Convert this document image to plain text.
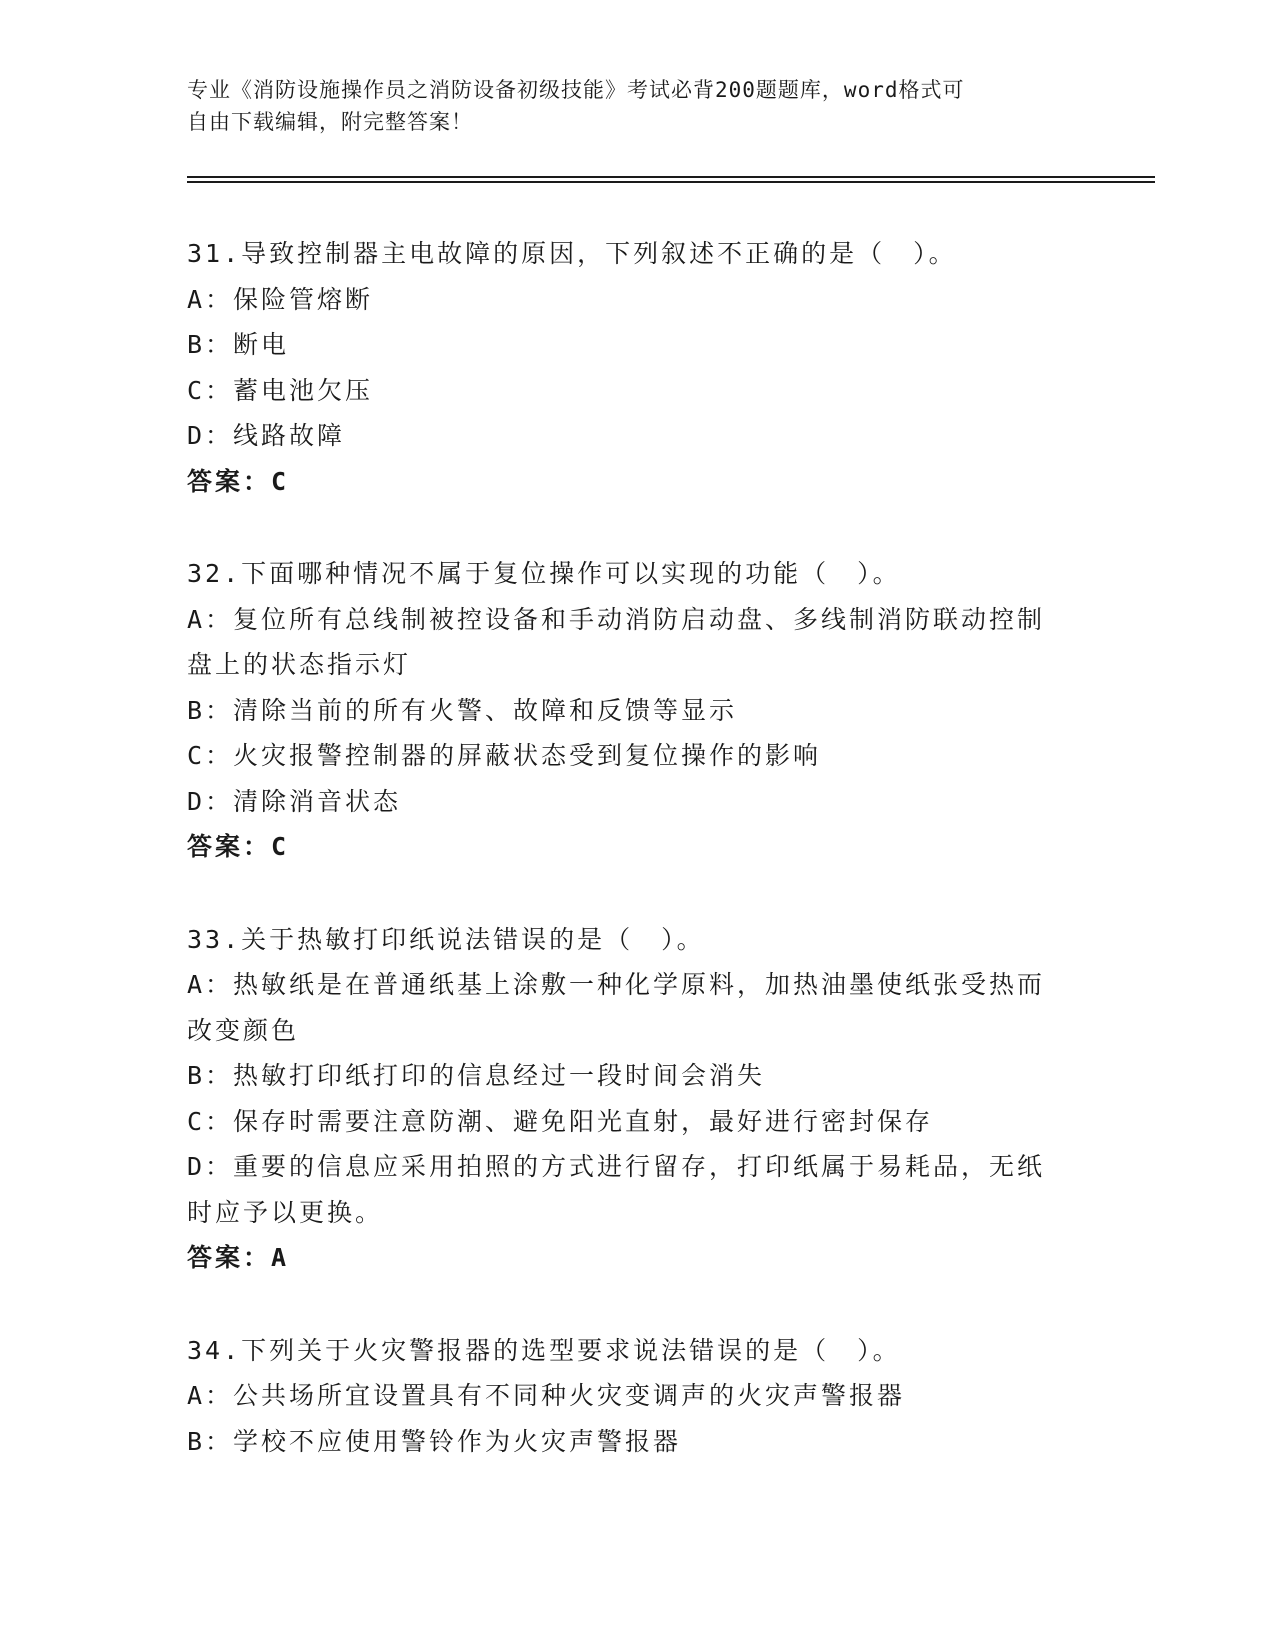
专业《消防设施操作员之消防设备初级技能》考试必背200题题库，word格式可
自由下载编辑，附完整答案！
31.导致控制器主电故障的原因，下列叙述不正确的是（　）。
A：保险管熔断
B：断电
C：蓄电池欠压
D：线路故障
答案：C
32.下面哪种情况不属于复位操作可以实现的功能（　）。
A：复位所有总线制被控设备和手动消防启动盘、多线制消防联动控制
盘上的状态指示灯
B：清除当前的所有火警、故障和反馈等显示
C：火灾报警控制器的屏蔽状态受到复位操作的影响
D：清除消音状态
答案：C
33.关于热敏打印纸说法错误的是（　）。
A：热敏纸是在普通纸基上涂敷一种化学原料，加热油墨使纸张受热而
改变颜色
B：热敏打印纸打印的信息经过一段时间会消失
C：保存时需要注意防潮、避免阳光直射，最好进行密封保存
D：重要的信息应采用拍照的方式进行留存，打印纸属于易耗品，无纸
时应予以更换。
答案：A
34.下列关于火灾警报器的选型要求说法错误的是（　）。
A：公共场所宜设置具有不同种火灾变调声的火灾声警报器
B：学校不应使用警铃作为火灾声警报器
